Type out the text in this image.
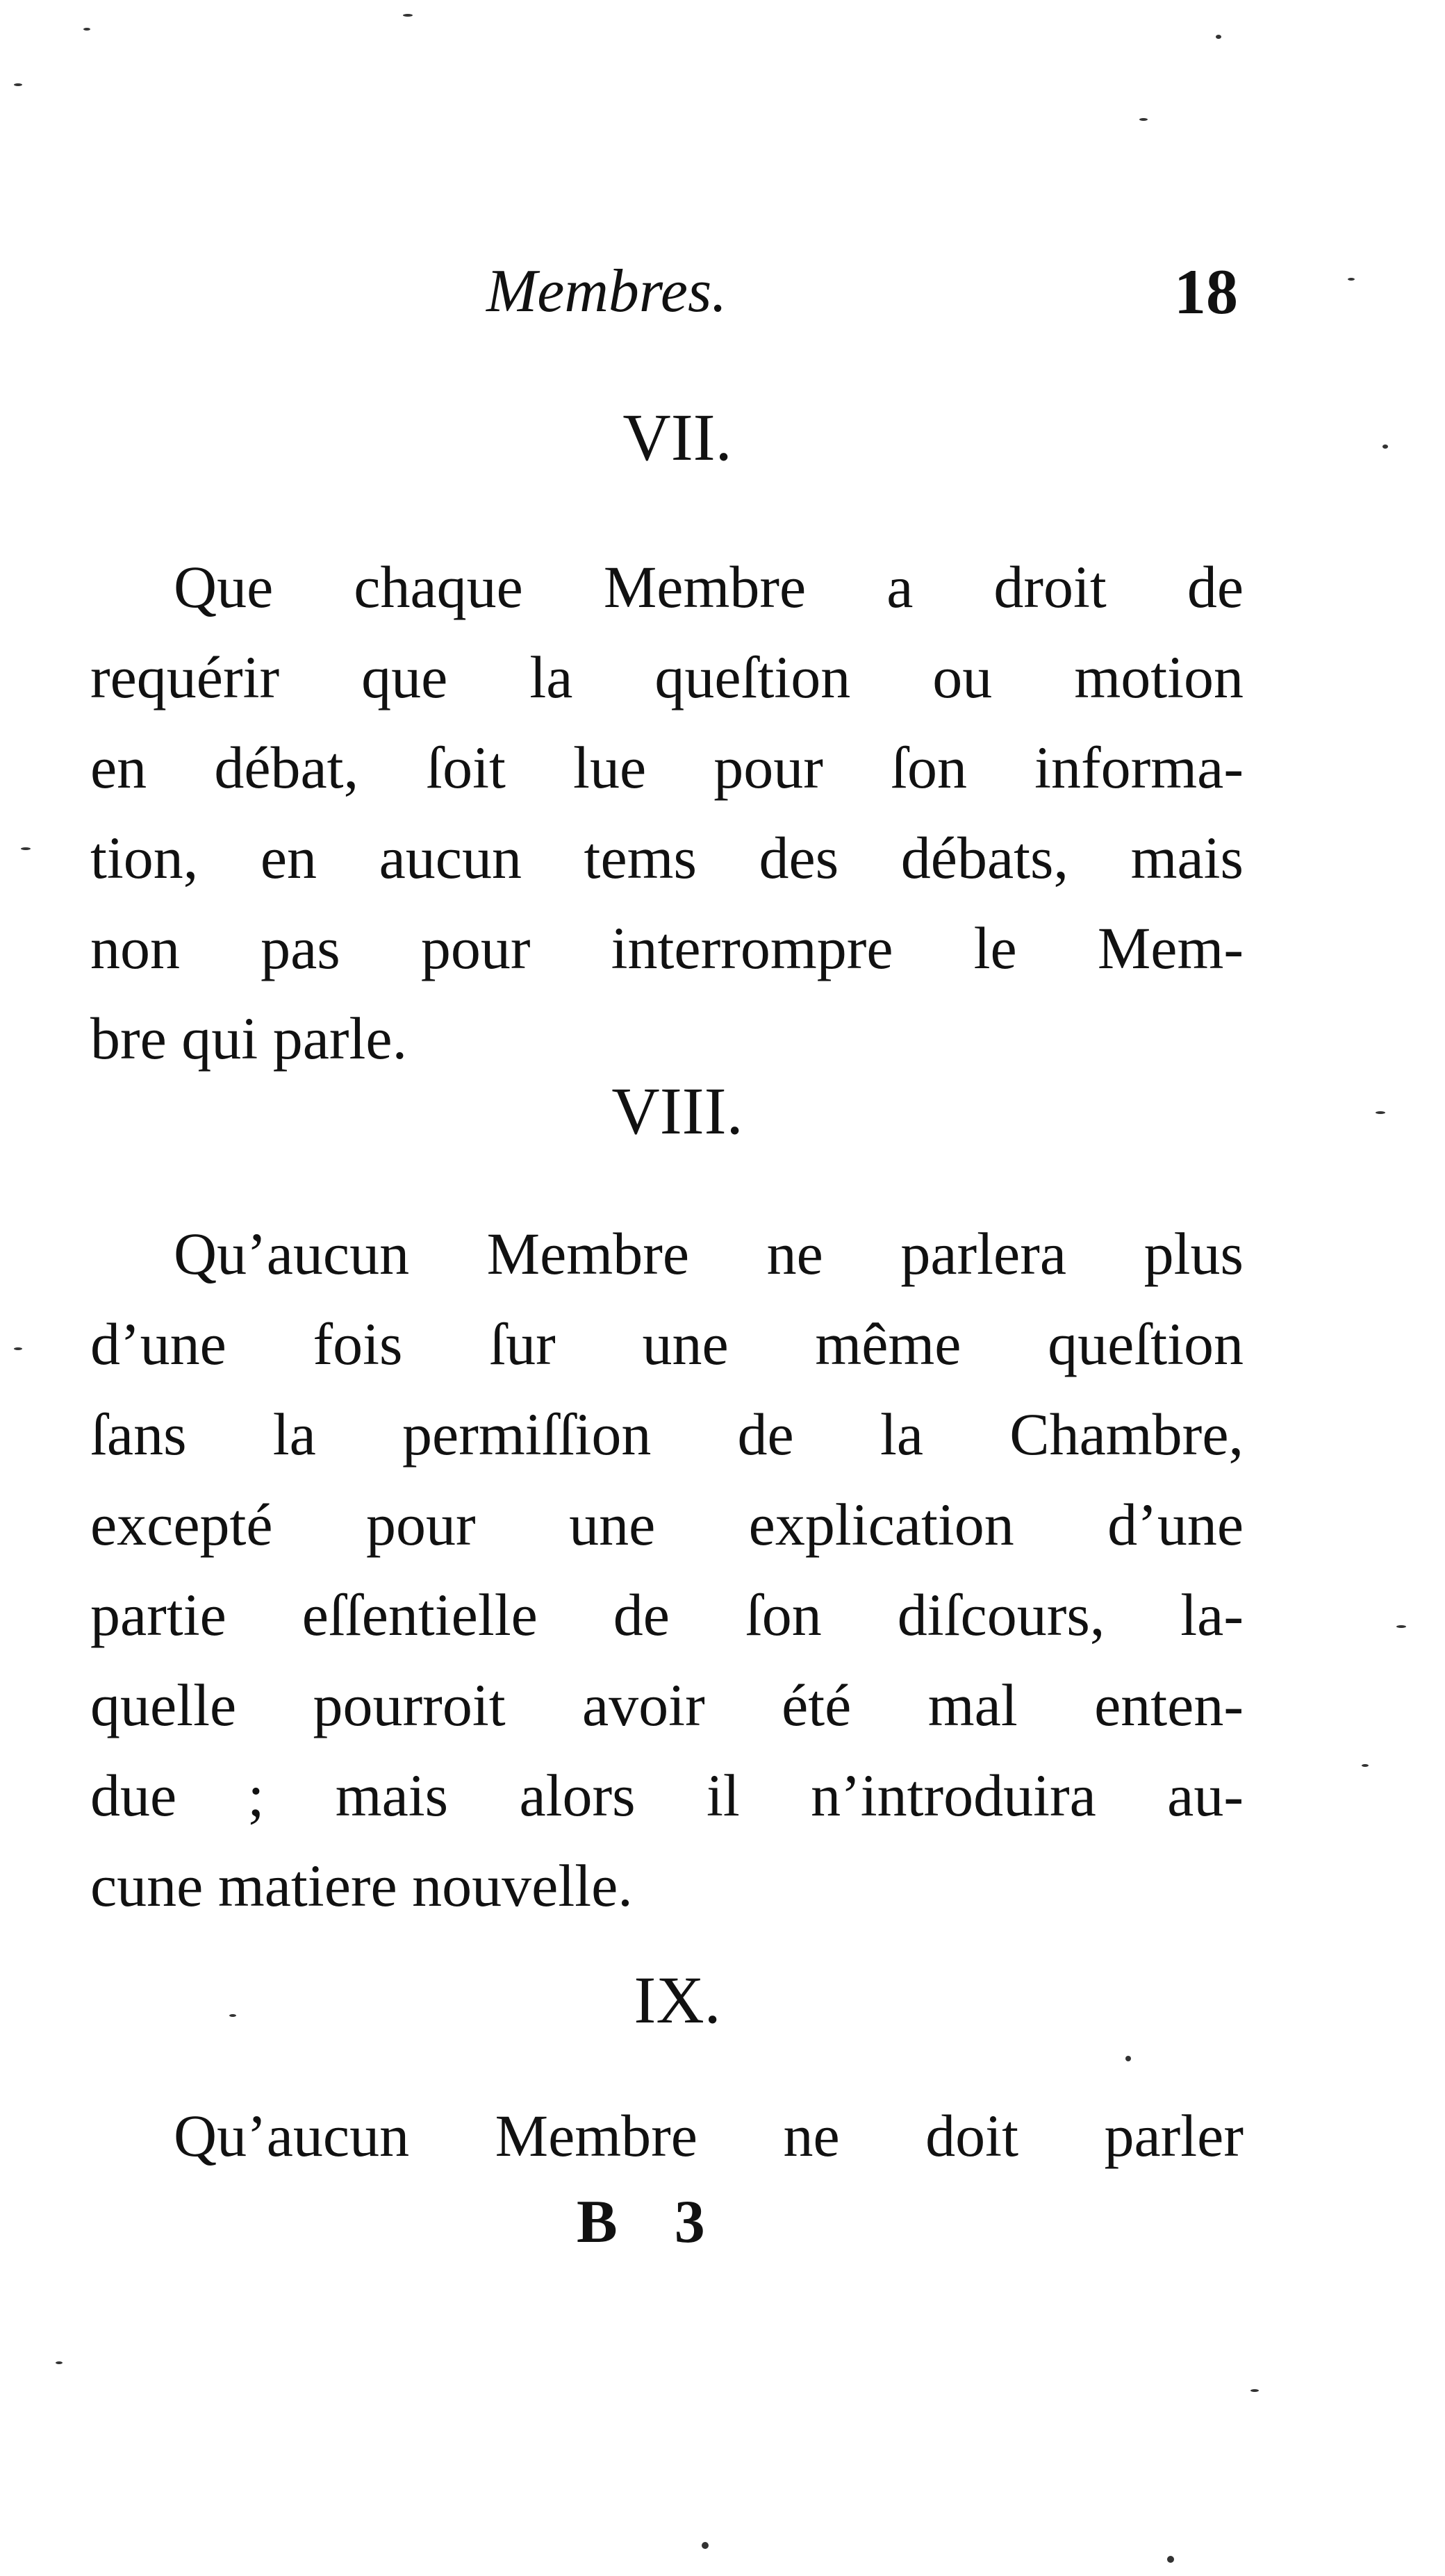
Membres.	18
VII.
Que chaque Membre a droit de
requérir que la queſtion ou motion
en débat, ſoit lue pour ſon informa-
tion, en aucun tems des débats, mais
non pas pour interrompre le Mem-
bre qui parle.
VIII.
Qu’aucun Membre ne parlera plus
d’une fois ſur une même queſtion
ſans la permiſſion de la Chambre,
excepté pour une explication d’une
partie eſſentielle de ſon diſcours, la-
quelle pourroit avoir été mal enten-
due ; mais alors il n’introduira au-
cune matiere nouvelle.
IX.
Qu’aucun Membre ne doit parler
B 3
